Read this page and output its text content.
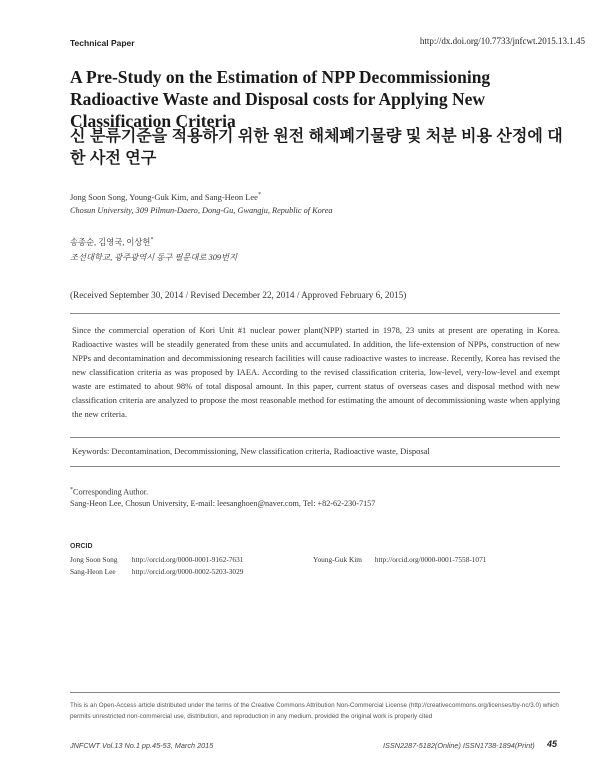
Technical Paper	http://dx.doi.org/10.7733/jnfcwt.2015.13.1.45
A Pre-Study on the Estimation of NPP Decommissioning Radioactive Waste and Disposal costs for Applying New Classification Criteria
신 분류기준을 적용하기 위한 원전 해체폐기물량 및 처분 비용 산정에 대한 사전 연구
Jong Soon Song, Young-Guk Kim, and Sang-Heon Lee*
Chosun University, 309 Pilmun-Daero, Dong-Gu, Gwangju, Republic of Korea
송종순, 김영국, 이상헌*
조선대학교, 광주광역시 동구 필문대로 309번지
(Received September 30, 2014 / Revised December 22, 2014 / Approved February 6, 2015)
Since the commercial operation of Kori Unit #1 nuclear power plant(NPP) started in 1978, 23 units at present are operating in Korea. Radioactive wastes will be steadily generated from these units and accumulated. In addition, the life-extension of NPPs, construction of new NPPs and decontamination and decommissioning research facilities will cause radioactive wastes to increase. Recently, Korea has revised the new classification criteria as was proposed by IAEA. According to the revised classification criteria, low-level, very-low-level and exempt waste are estimated to about 98% of total disposal amount. In this paper, current status of overseas cases and disposal method with new classification criteria are analyzed to propose the most reasonable method for estimating the amount of decommissioning waste when applying the new criteria.
Keywords: Decontamination, Decommissioning, New classification criteria, Radioactive waste, Disposal
*Corresponding Author.
Sang-Heon Lee, Chosun University, E-mail: leesanghoen@naver.com, Tel: +82-62-230-7157
ORCID
Jong Soon Song http://orcid.org/0000-0001-9162-7631	Young-Guk Kim http://orcid.org/0000-0001-7558-1071
Sang-Heon Lee http://orcid.org/0000-0002-5203-3029
This is an Open-Access article distributed under the terms of the Creative Commons Attribution Non-Commercial License (http://creativecommons.org/licenses/by-nc/3.0) which permits unrestricted non-commercial use, distribution, and reproduction in any medium, provided the original work is properly cited
JNFCWT Vol.13 No.1 pp.45-53, March 2015	ISSN2287-5182(Online) ISSN1738-1894(Print) 45
